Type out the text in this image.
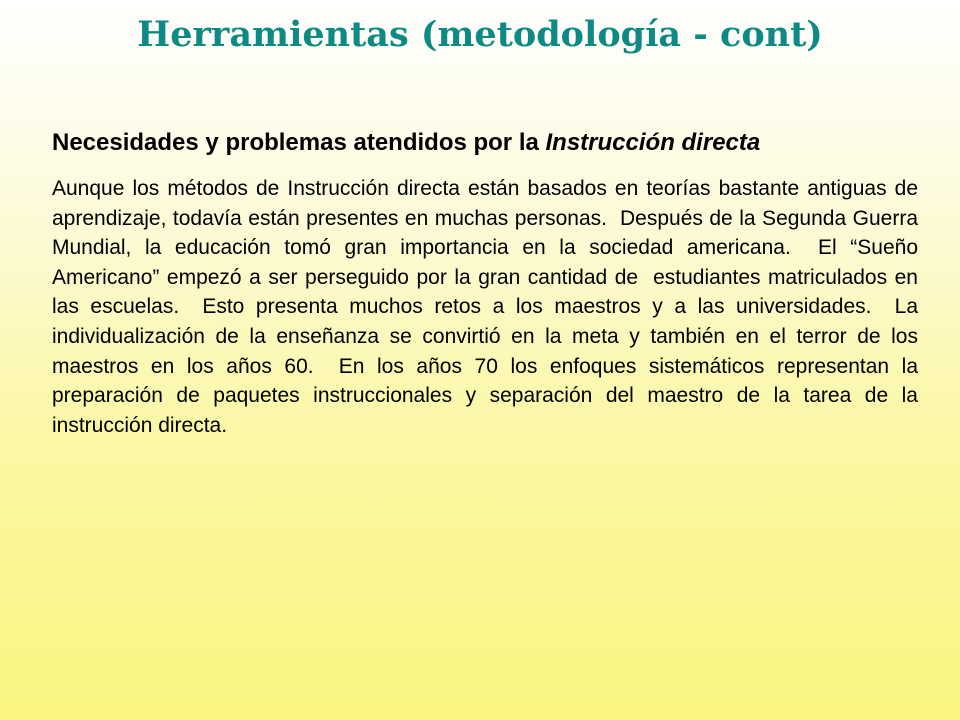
Herramientas (metodología - cont)

Necesidades y problemas atendidos por la Instrucción directa

Aunque los métodos de Instrucción directa están basados en teorías bastante antiguas de aprendizaje, todavía están presentes en muchas personas.  Después de la Segunda Guerra Mundial, la educación tomó gran importancia en la sociedad americana.  El “Sueño Americano” empezó a ser perseguido por la gran cantidad de  estudiantes matriculados en las escuelas.  Esto presenta muchos retos a los maestros y a las universidades.  La individualización de la enseñanza se convirtió en la meta y también en el terror de los maestros en los años 60.  En los años 70 los enfoques sistemáticos representan la preparación de paquetes instruccionales y separación del maestro de la tarea de la instrucción directa.
